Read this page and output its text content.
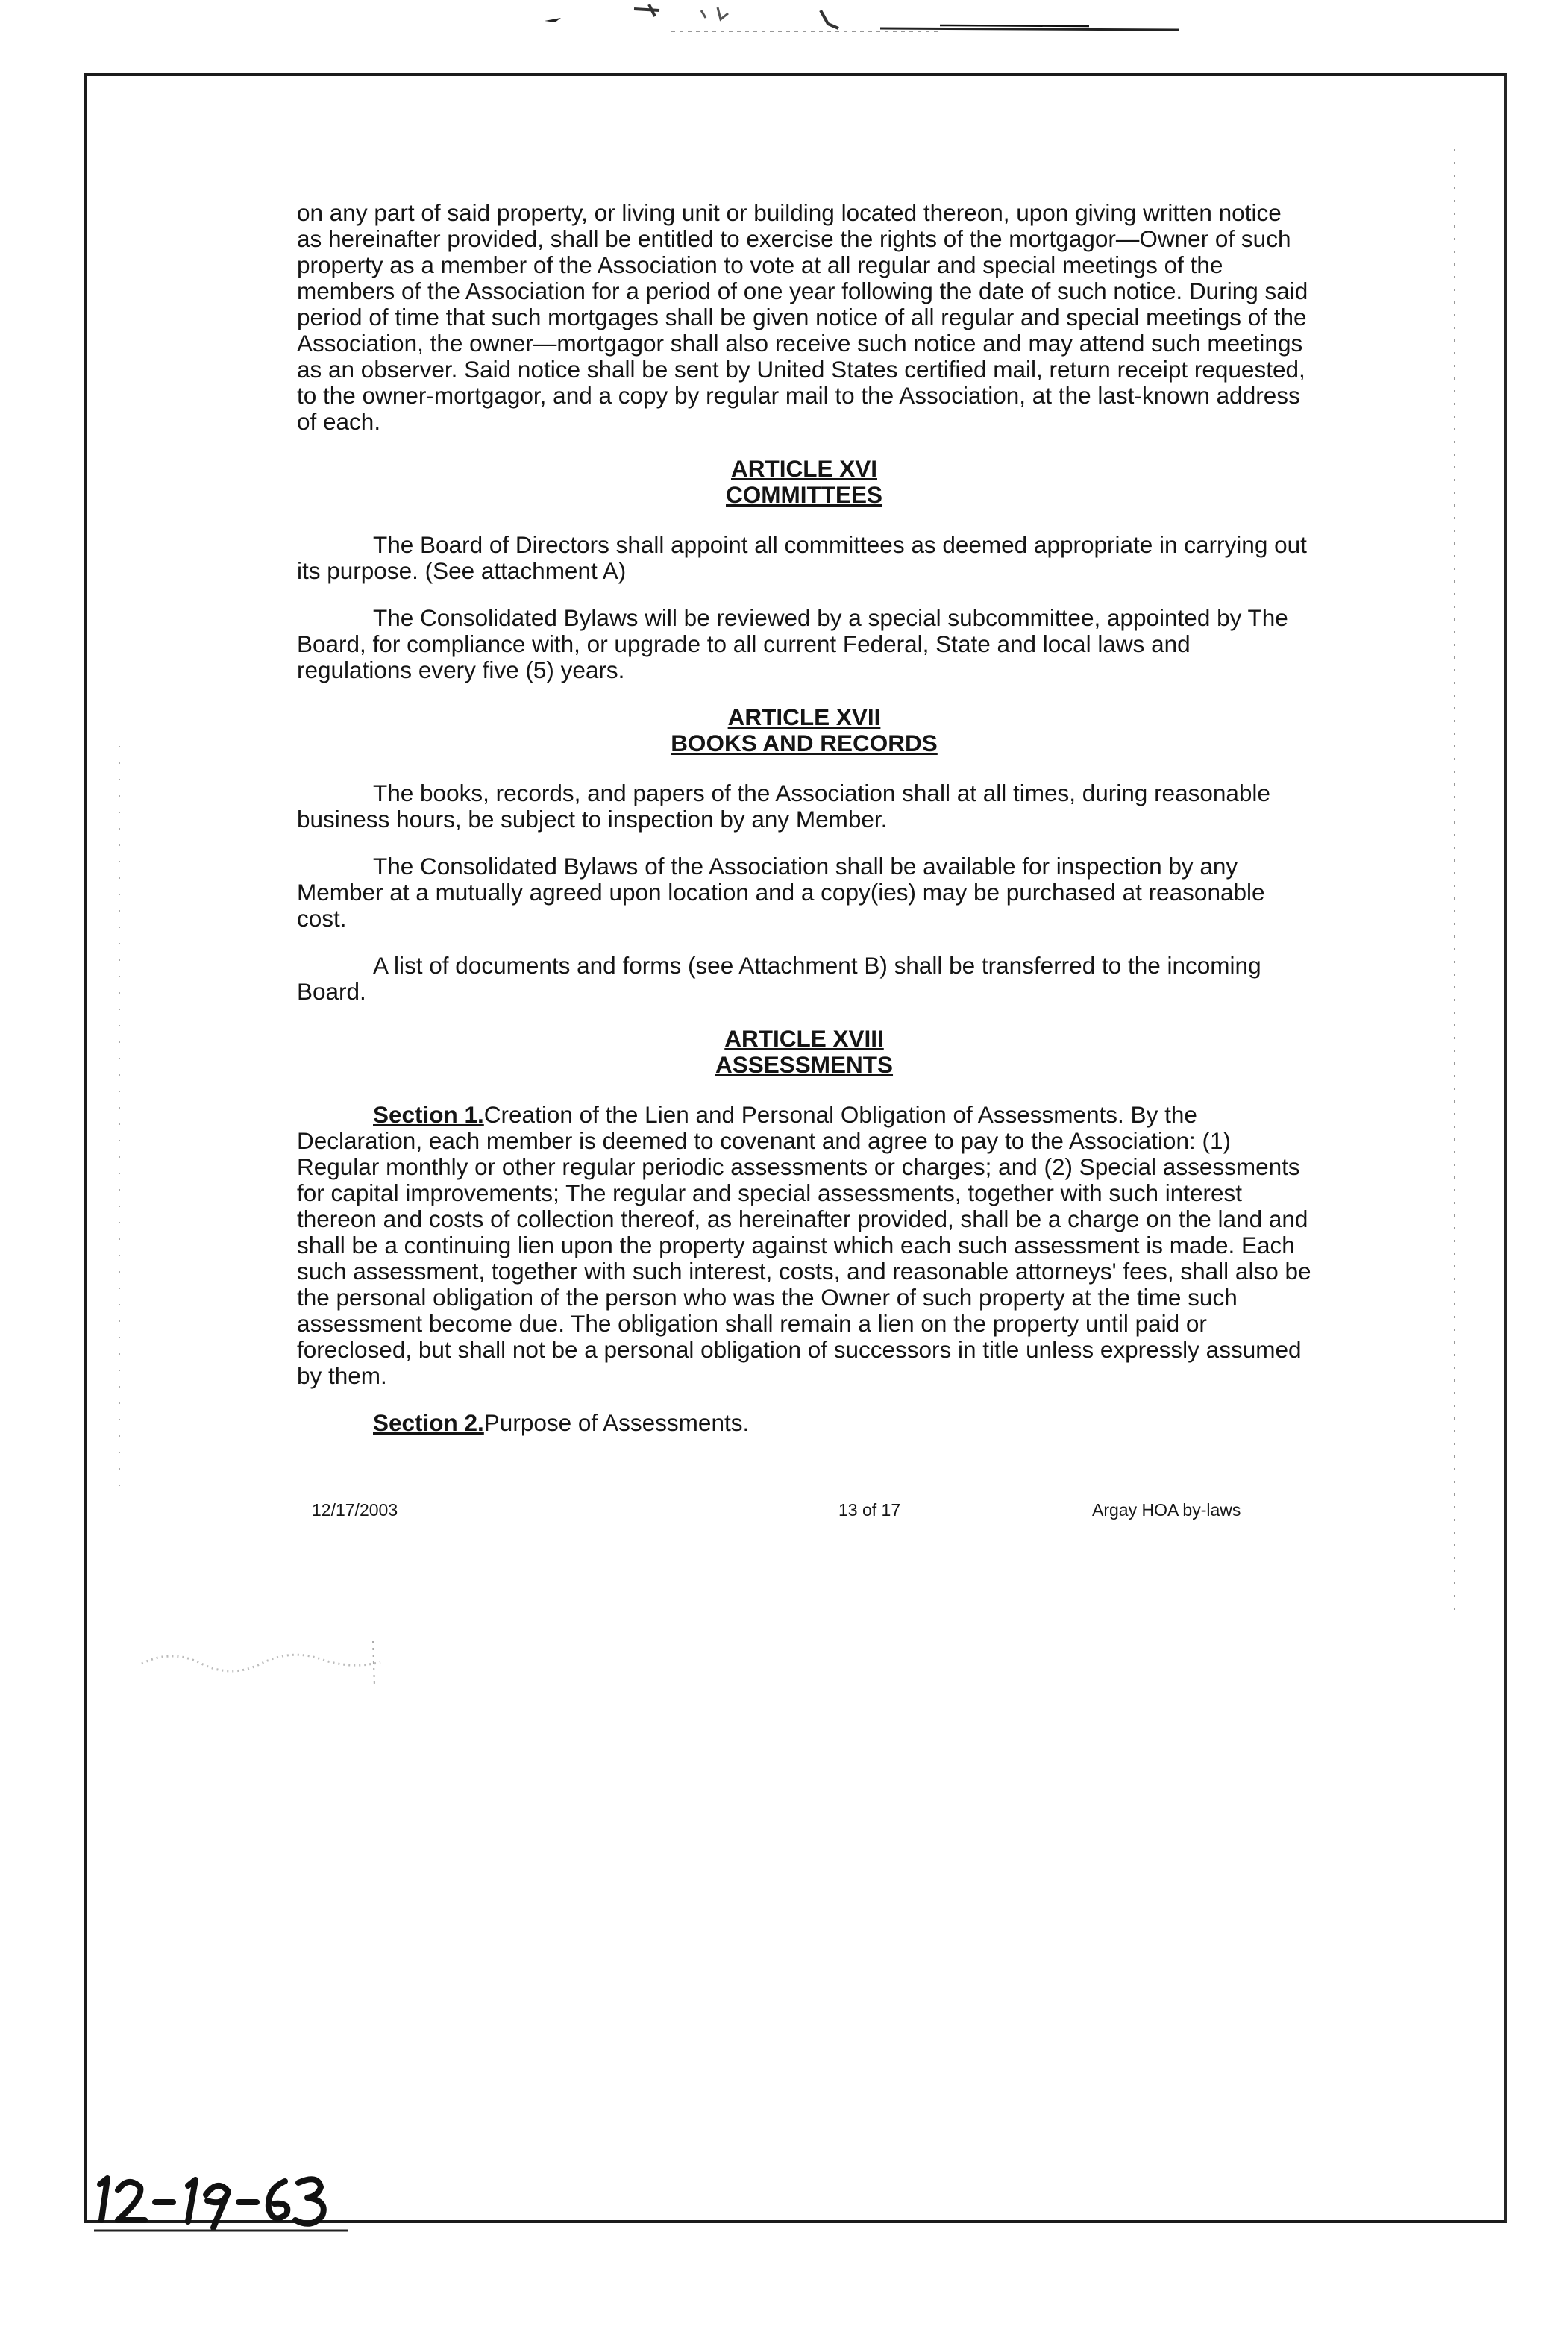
on any part of said property, or living unit or building located thereon, upon giving written notice as hereinafter provided, shall be entitled to exercise the rights of the mortgagor—Owner of such property as a member of the Association to vote at all regular and special meetings of the members of the Association for a period of one year following the date of such notice. During said period of time that such mortgages shall be given notice of all regular and special meetings of the Association, the owner—mortgagor shall also receive such notice and may attend such meetings as an observer. Said notice shall be sent by United States certified mail, return receipt requested, to the owner-mortgagor, and a copy by regular mail to the Association, at the last-known address of each.

ARTICLE XVI
COMMITTEES

The Board of Directors shall appoint all committees as deemed appropriate in carrying out its purpose. (See attachment A)

The Consolidated Bylaws will be reviewed by a special subcommittee, appointed by The Board, for compliance with, or upgrade to all current Federal, State and local laws and regulations every five (5) years.

ARTICLE XVII
BOOKS AND RECORDS

The books, records, and papers of the Association shall at all times, during reasonable business hours, be subject to inspection by any Member.

The Consolidated Bylaws of the Association shall be available for inspection by any Member at a mutually agreed upon location and a copy(ies) may be purchased at reasonable cost.

A list of documents and forms (see Attachment B) shall be transferred to the incoming Board.

ARTICLE XVIII
ASSESSMENTS

Section 1.Creation of the Lien and Personal Obligation of Assessments. By the Declaration, each member is deemed to covenant and agree to pay to the Association: (1) Regular monthly or other regular periodic assessments or charges; and (2) Special assessments for capital improvements; The regular and special assessments, together with such interest thereon and costs of collection thereof, as hereinafter provided, shall be a charge on the land and shall be a continuing lien upon the property against which each such assessment is made. Each such assessment, together with such interest, costs, and reasonable attorneys' fees, shall also be the personal obligation of the person who was the Owner of such property at the time such assessment become due. The obligation shall remain a lien on the property until paid or foreclosed, but shall not be a personal obligation of successors in title unless expressly assumed by them.

Section 2.Purpose of Assessments.

12/17/2003	13 of 17	Argay HOA by-laws
